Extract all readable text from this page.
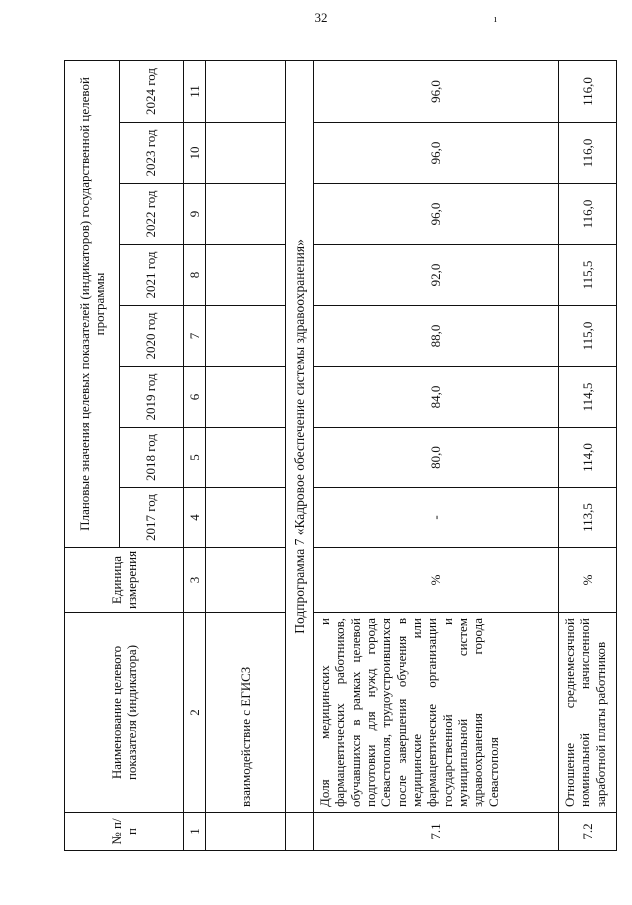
32	ı
№ п/п	Наименование целевого показателя (индикатора)	Единица измерения	Плановые значения целевых показателей (индикаторов) государственной целевой программы							
			2017 год	2018 год	2019 год	2020 год	2021 год	2022 год	2023 год	2024 год
1	2	3	4	5	6	7	8	9	10	11
	взаимодействие с ЕГИСЗ									
	Подпрограмма 7 «Кадровое обеспечение системы здравоохранения»									
7.1	Доля медицинских и фармацевтических работников, обучавшихся в рамках целевой подготовки для нужд города Севастополя, трудоустроившихся после завершения обучения в медицинские или фармацевтические организации государственной и муниципальной систем здравоохранения города Севастополя	%	-	80,0	84,0	88,0	92,0	96,0	96,0	96,0
7.2	Отношение среднемесячной номинальной начисленной заработной платы работников	%	113,5	114,0	114,5	115,0	115,5	116,0	116,0	116,0
